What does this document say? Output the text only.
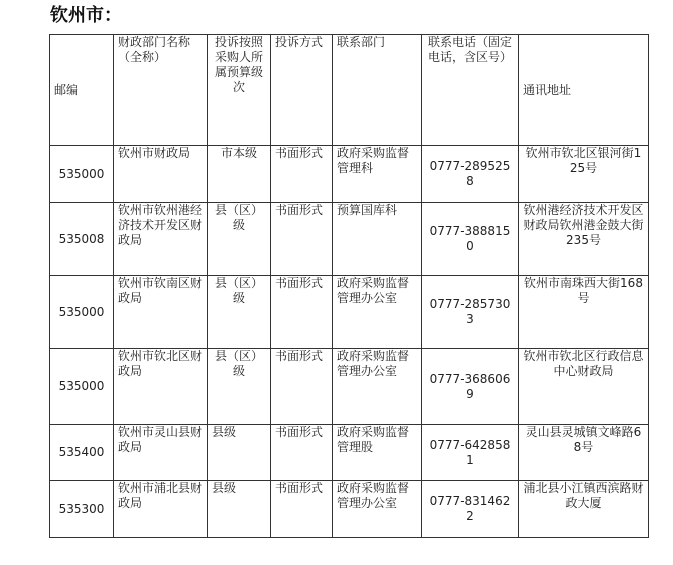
钦州市：
邮编	财政部门名称（全称）	投诉按照采购人所属预算级次	投诉方式	联系部门	联系电话（固定电话，含区号）	通讯地址
535000	钦州市财政局	市本级	书面形式	政府采购监督管理科	0777-2895258	钦州市钦北区银河街125号
535008	钦州市钦州港经济技术开发区财政局	县（区）级	书面形式	预算国库科	0777-3888150	钦州港经济技术开发区财政局钦州港金鼓大街235号
535000	钦州市钦南区财政局	县（区）级	书面形式	政府采购监督管理办公室	0777-2857303	钦州市南珠西大街168号
535000	钦州市钦北区财政局	县（区）级	书面形式	政府采购监督管理办公室	0777-3686069	钦州市钦北区行政信息中心财政局
535400	钦州市灵山县财政局	县级	书面形式	政府采购监督管理股	0777-6428581	灵山县灵城镇文峰路68号
535300	钦州市浦北县财政局	县级	书面形式	政府采购监督管理办公室	0777-8314622	浦北县小江镇西滨路财政大厦
